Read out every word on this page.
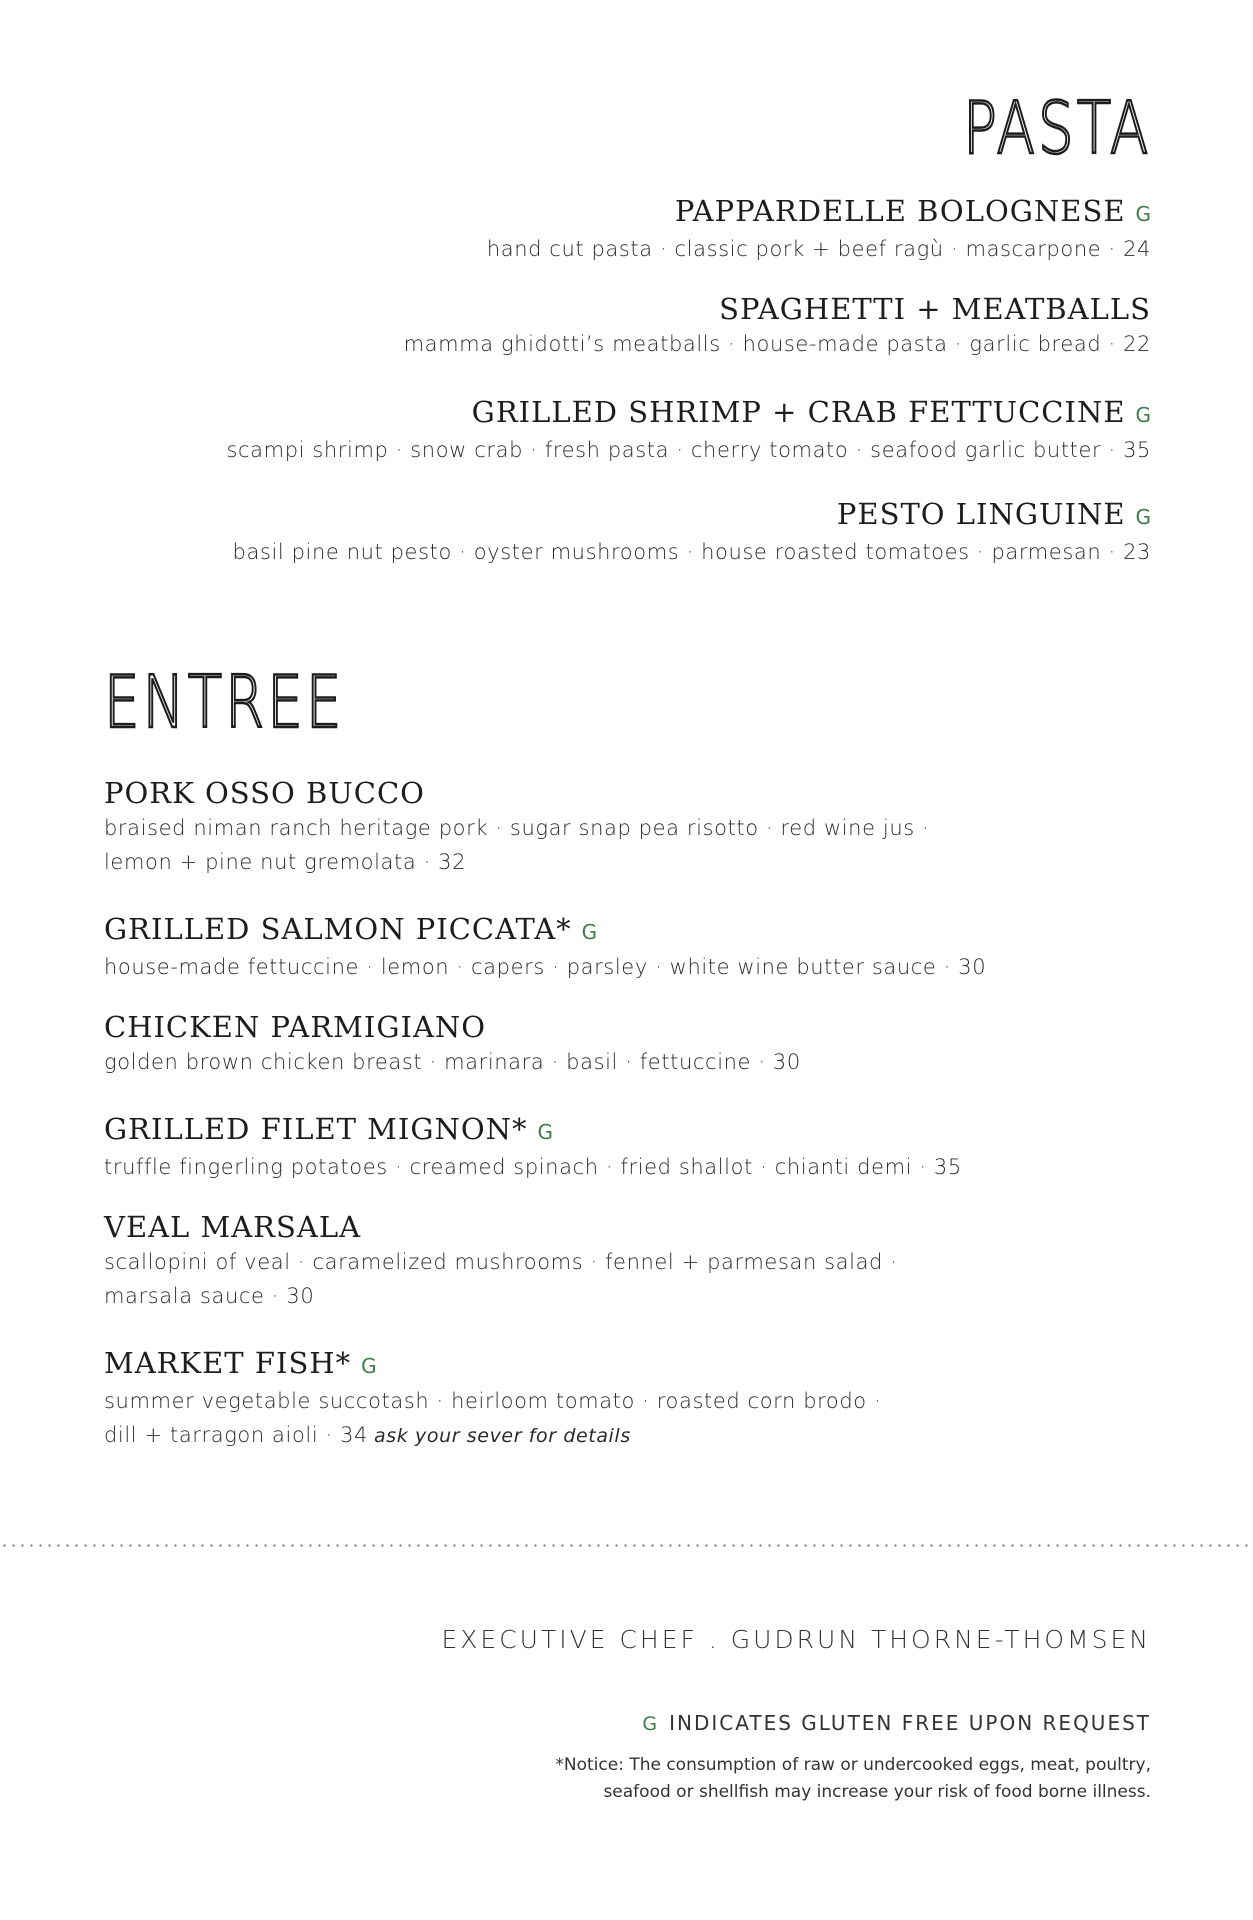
PASTA
PAPPARDELLE BOLOGNESE G
hand cut pasta · classic pork + beef ragù · mascarpone · 24
SPAGHETTI + MEATBALLS
mamma ghidotti’s meatballs · house-made pasta · garlic bread · 22
GRILLED SHRIMP + CRAB FETTUCCINE G
scampi shrimp · snow crab · fresh pasta · cherry tomato · seafood garlic butter · 35
PESTO LINGUINE G
basil pine nut pesto · oyster mushrooms · house roasted tomatoes · parmesan · 23
ENTREE
PORK OSSO BUCCO
braised niman ranch heritage pork · sugar snap pea risotto · red wine jus ·
lemon + pine nut gremolata · 32
GRILLED SALMON PICCATA* G
house-made fettuccine · lemon · capers · parsley · white wine butter sauce · 30
CHICKEN PARMIGIANO
golden brown chicken breast · marinara · basil · fettuccine · 30
GRILLED FILET MIGNON* G
truffle fingerling potatoes · creamed spinach · fried shallot · chianti demi · 35
VEAL MARSALA
scallopini of veal · caramelized mushrooms · fennel + parmesan salad ·
marsala sauce · 30
MARKET FISH* G
summer vegetable succotash · heirloom tomato · roasted corn brodo ·
dill + tarragon aioli · 34 ask your sever for details
EXECUTIVE CHEF . GUDRUN THORNE-THOMSEN
G INDICATES GLUTEN FREE UPON REQUEST
*Notice: The consumption of raw or undercooked eggs, meat, poultry,
seafood or shellfish may increase your risk of food borne illness.
